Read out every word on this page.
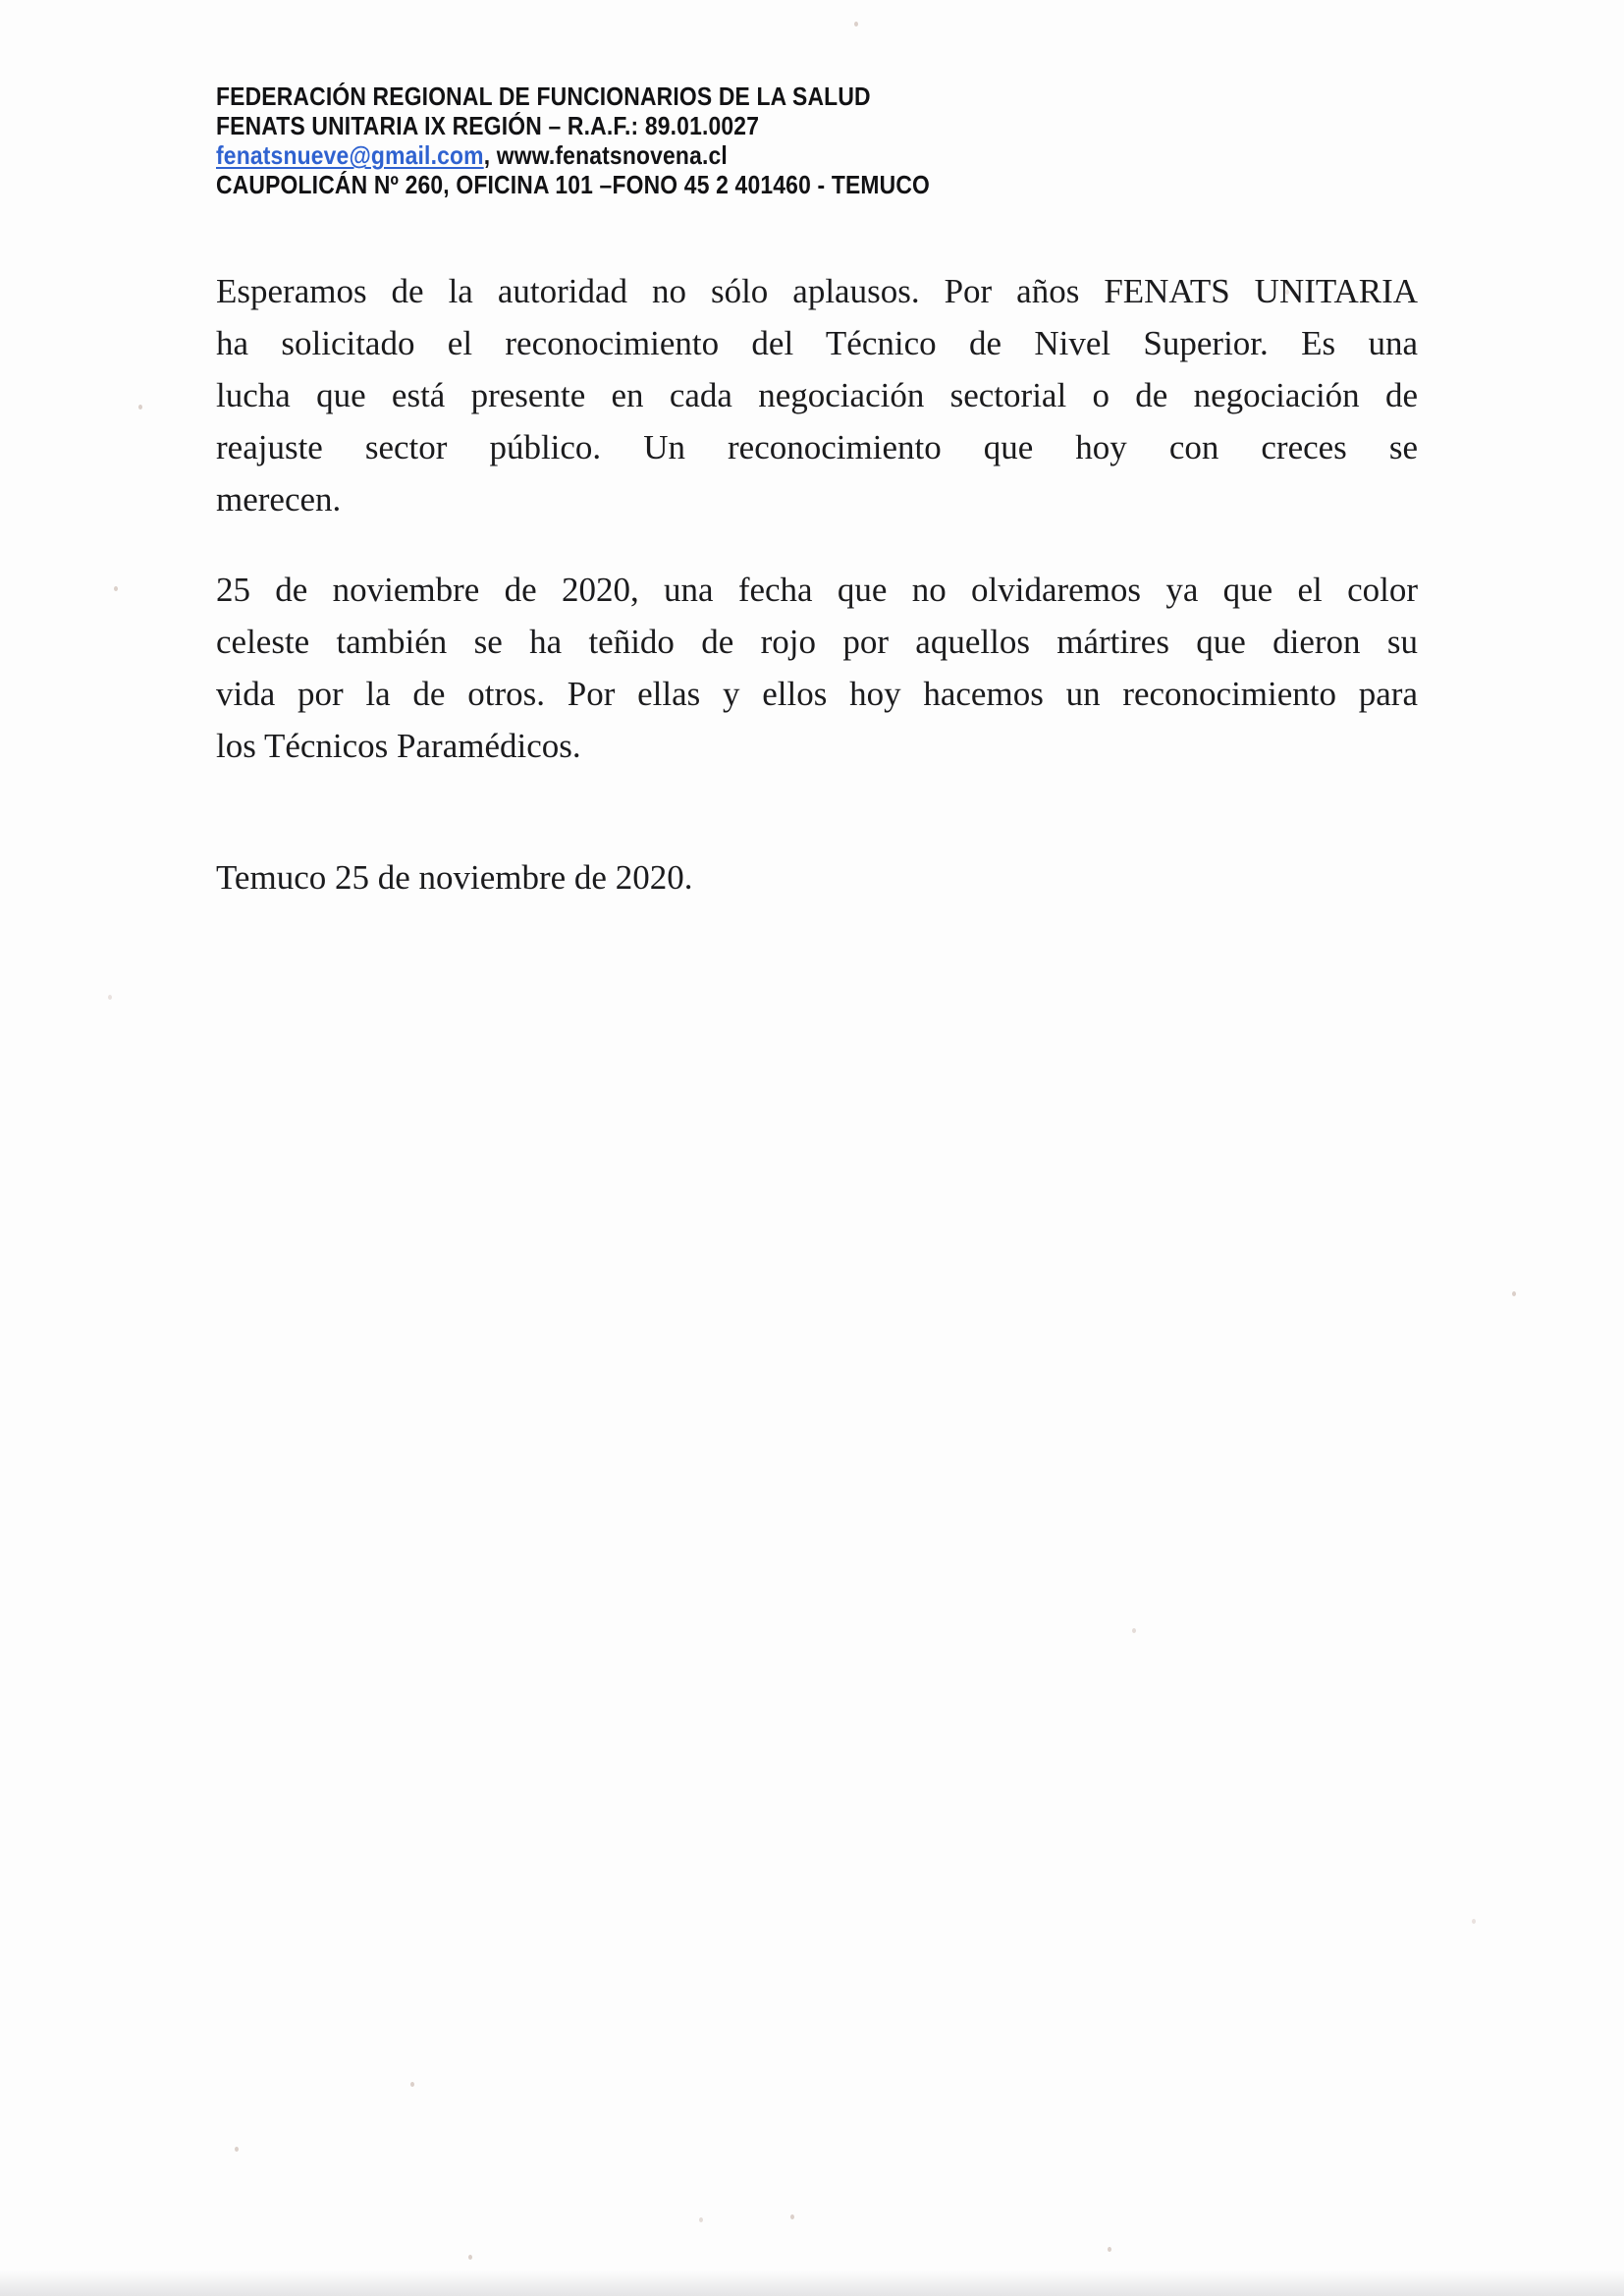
FEDERACIÓN REGIONAL DE FUNCIONARIOS DE LA SALUD
FENATS UNITARIA IX REGIÓN – R.A.F.: 89.01.0027
fenatsnueve@gmail.com, www.fenatsnovena.cl
CAUPOLICÁN Nº 260, OFICINA 101 –FONO 45 2 401460 - TEMUCO
Esperamos de la autoridad no sólo aplausos. Por años FENATS UNITARIA
ha solicitado el reconocimiento del Técnico de Nivel Superior. Es una
lucha que está presente en cada negociación sectorial o de negociación de
reajuste sector público. Un reconocimiento que hoy con creces se
merecen.
25 de noviembre de 2020, una fecha que no olvidaremos ya que el color
celeste también se ha teñido de rojo por aquellos mártires que dieron su
vida por la de otros. Por ellas y ellos hoy hacemos un reconocimiento para
los Técnicos Paramédicos.
Temuco 25 de noviembre de 2020.
